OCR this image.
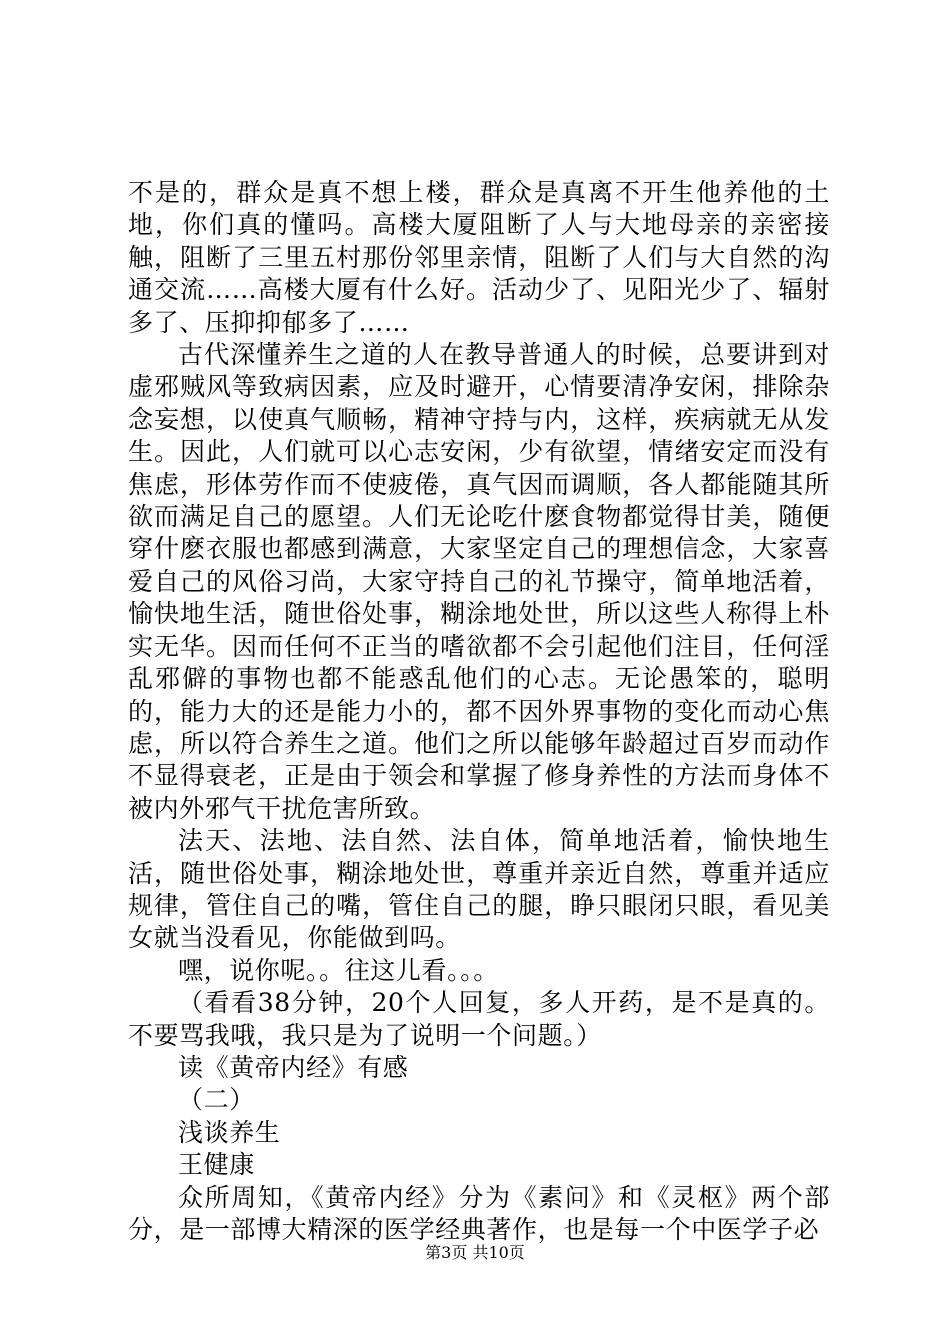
不是的，群众是真不想上楼，群众是真离不开生他养他的土地，你们真的懂吗。高楼大厦阻断了人与大地母亲的亲密接触，阻断了三里五村那份邻里亲情，阻断了人们与大自然的沟通交流……高楼大厦有什么好。活动少了、见阳光少了、辐射多了、压抑抑郁多了……

古代深懂养生之道的人在教导普通人的时候，总要讲到对虚邪贼风等致病因素，应及时避开，心情要清净安闲，排除杂念妄想，以使真气顺畅，精神守持与内，这样，疾病就无从发生。因此，人们就可以心志安闲，少有欲望，情绪安定而没有焦虑，形体劳作而不使疲倦，真气因而调顺，各人都能随其所欲而满足自己的愿望。人们无论吃什麽食物都觉得甘美，随便穿什麽衣服也都感到满意，大家坚定自己的理想信念，大家喜爱自己的风俗习尚，大家守持自己的礼节操守，简单地活着，愉快地生活，随世俗处事，糊涂地处世，所以这些人称得上朴实无华。因而任何不正当的嗜欲都不会引起他们注目，任何淫乱邪僻的事物也都不能惑乱他们的心志。无论愚笨的，聪明的，能力大的还是能力小的，都不因外界事物的变化而动心焦虑，所以符合养生之道。他们之所以能够年龄超过百岁而动作不显得衰老，正是由于领会和掌握了修身养性的方法而身体不被内外邪气干扰危害所致。

法天、法地、法自然、法自体，简单地活着，愉快地生活，随世俗处事，糊涂地处世，尊重并亲近自然，尊重并适应规律，管住自己的嘴，管住自己的腿，睁只眼闭只眼，看见美女就当没看见，你能做到吗。

嘿，说你呢。。往这儿看。。。

（看看38分钟，20个人回复，多人开药，是不是真的。不要骂我哦，我只是为了说明一个问题。）

读《黄帝内经》有感

（二）

浅谈养生

王健康

众所周知，《黄帝内经》分为《素问》和《灵枢》两个部分，是一部博大精深的医学经典著作，也是每一个中医学子必

第3页 共10页
